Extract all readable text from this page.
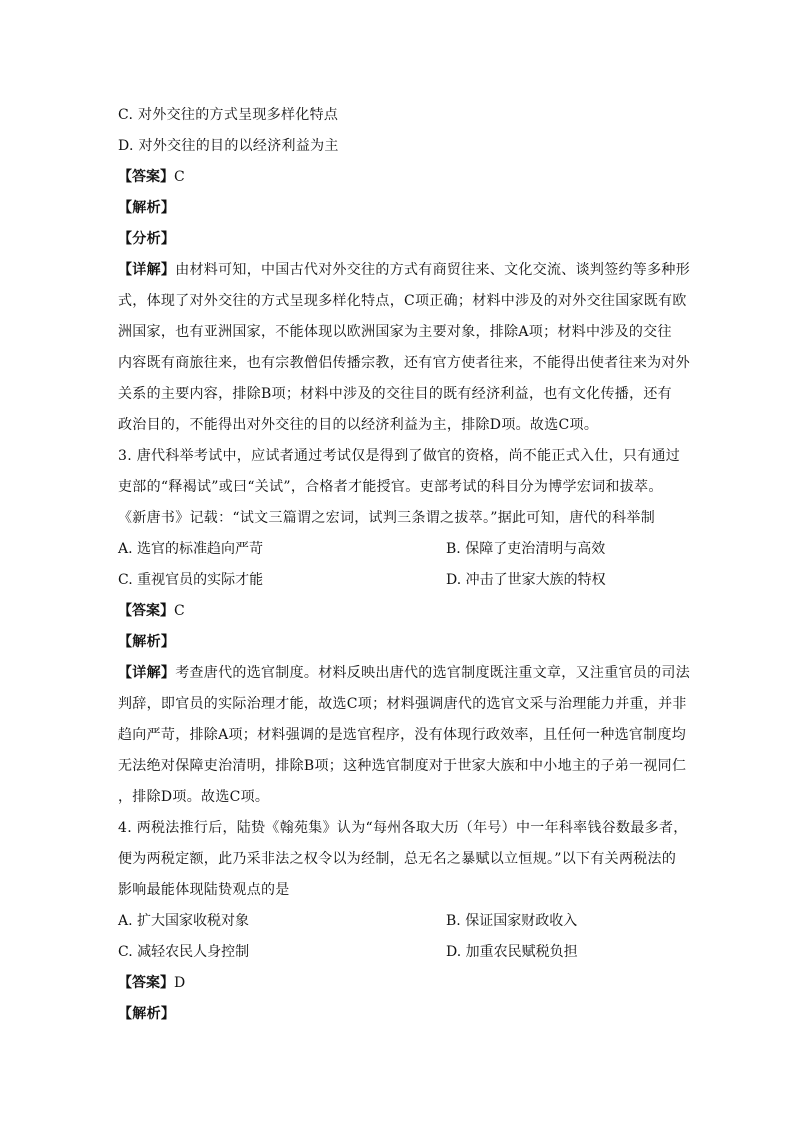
C. 对外交往的方式呈现多样化特点
D. 对外交往的目的以经济利益为主
【答案】C
【解析】
【分析】
【详解】由材料可知，中国古代对外交往的方式有商贸往来、文化交流、谈判签约等多种形
式，体现了对外交往的方式呈现多样化特点，C项正确；材料中涉及的对外交往国家既有欧
洲国家，也有亚洲国家，不能体现以欧洲国家为主要对象，排除A项；材料中涉及的交往
内容既有商旅往来，也有宗教僧侣传播宗教，还有官方使者往来，不能得出使者往来为对外
关系的主要内容，排除B项；材料中涉及的交往目的既有经济利益，也有文化传播，还有
政治目的，不能得出对外交往的目的以经济利益为主，排除D项。故选C项。
3. 唐代科举考试中，应试者通过考试仅是得到了做官的资格，尚不能正式入仕，只有通过
吏部的“释褐试”或曰“关试”，合格者才能授官。吏部考试的科目分为博学宏词和拔萃。
《新唐书》记载：“试文三篇谓之宏词，试判三条谓之拔萃。”据此可知，唐代的科举制
A. 选官的标准趋向严苛	B. 保障了吏治清明与高效
C. 重视官员的实际才能	D. 冲击了世家大族的特权
【答案】C
【解析】
【详解】考查唐代的选官制度。材料反映出唐代的选官制度既注重文章，又注重官员的司法
判辞，即官员的实际治理才能，故选C项；材料强调唐代的选官文采与治理能力并重，并非
趋向严苛，排除A项；材料强调的是选官程序，没有体现行政效率，且任何一种选官制度均
无法绝对保障吏治清明，排除B项；这种选官制度对于世家大族和中小地主的子弟一视同仁
，排除D项。故选C项。
4. 两税法推行后，陆贽《翰苑集》认为“每州各取大历（年号）中一年科率钱谷数最多者，
便为两税定额，此乃采非法之权令以为经制，总无名之暴赋以立恒规。”以下有关两税法的
影响最能体现陆贽观点的是
A. 扩大国家收税对象	B. 保证国家财政收入
C. 减轻农民人身控制	D. 加重农民赋税负担
【答案】D
【解析】
